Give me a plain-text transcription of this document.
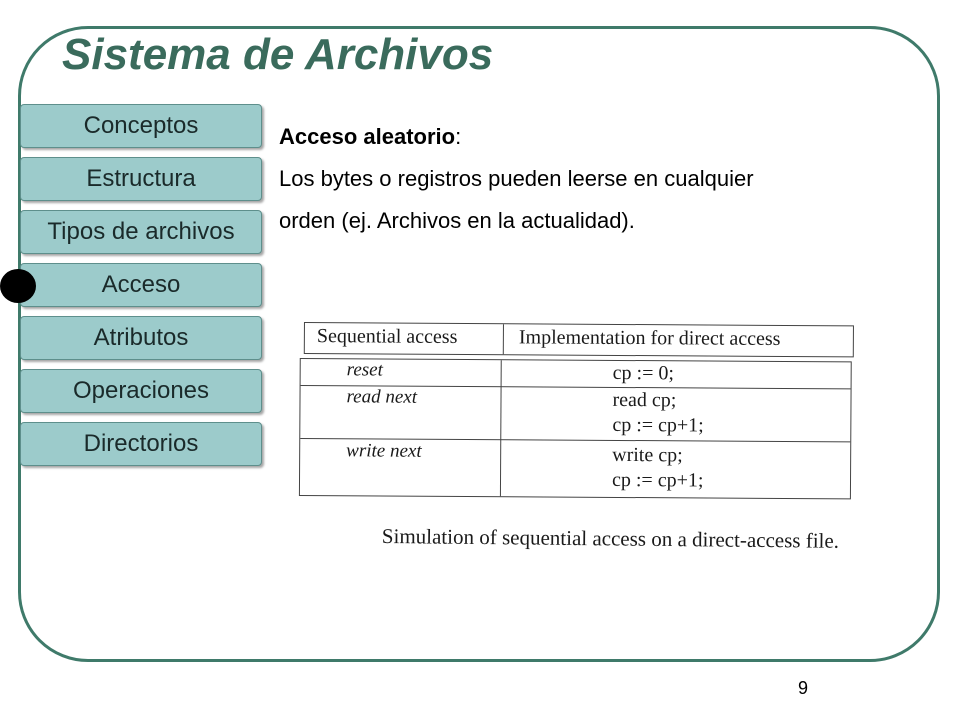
Sistema de Archivos
Conceptos
Estructura
Tipos de archivos
Acceso
Atributos
Operaciones
Directorios
Acceso aleatorio:
Los bytes o registros pueden leerse en cualquier
orden (ej. Archivos en la actualidad).
Sequential access	Implementation for direct access
reset	cp := 0;
read next	read cp;
cp := cp+1;
write next	write cp;
cp := cp+1;
Simulation of sequential access on a direct-access file.
9
